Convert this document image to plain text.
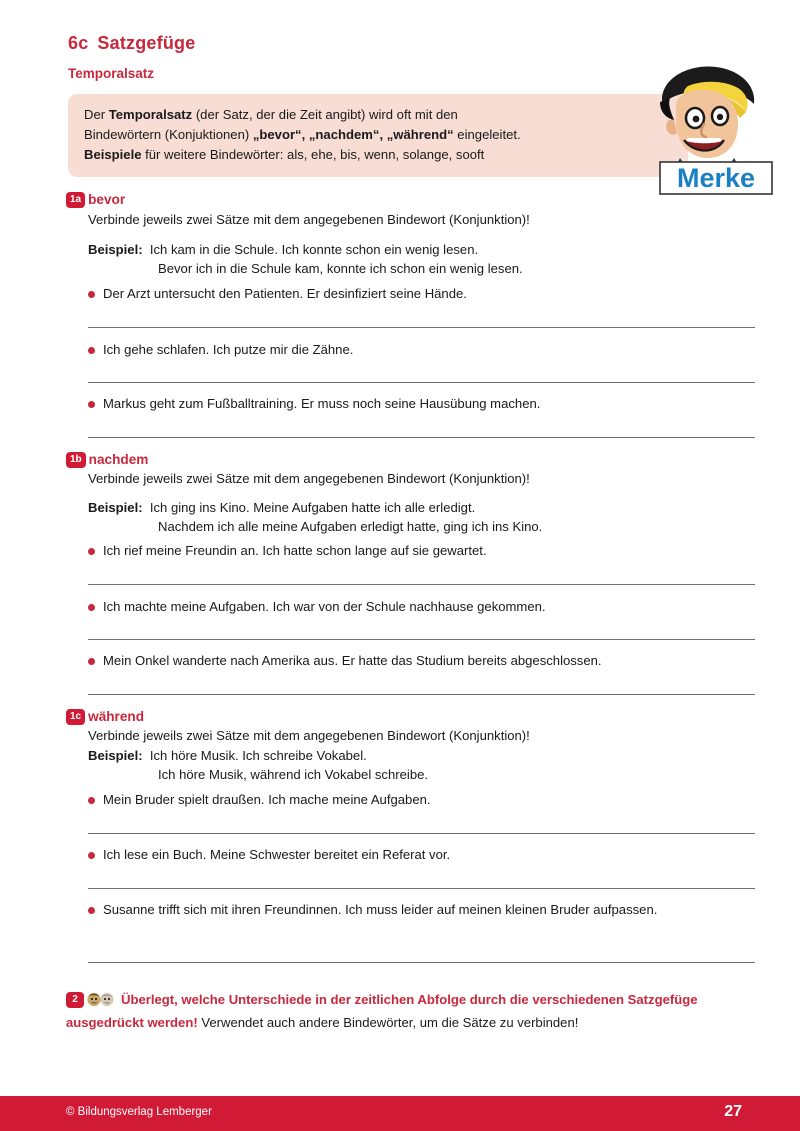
6c Satzgefüge
Temporalsatz
Der Temporalsatz (der Satz, der die Zeit angibt) wird oft mit den
Bindewörtern (Konjuktionen) „bevor“, „nachdem“, „während“ eingeleitet.
Beispiele für weitere Bindewörter: als, ehe, bis, wenn, solange, sooft
Merke
1a bevor
Verbinde jeweils zwei Sätze mit dem angegebenen Bindewort (Konjunktion)!
Beispiel: Ich kam in die Schule. Ich konnte schon ein wenig lesen.
Bevor ich in die Schule kam, konnte ich schon ein wenig lesen.
Der Arzt untersucht den Patienten. Er desinfiziert seine Hände.
Ich gehe schlafen. Ich putze mir die Zähne.
Markus geht zum Fußballtraining. Er muss noch seine Hausübung machen.
1b nachdem
Verbinde jeweils zwei Sätze mit dem angegebenen Bindewort (Konjunktion)!
Beispiel: Ich ging ins Kino. Meine Aufgaben hatte ich alle erledigt.
Nachdem ich alle meine Aufgaben erledigt hatte, ging ich ins Kino.
Ich rief meine Freundin an. Ich hatte schon lange auf sie gewartet.
Ich machte meine Aufgaben. Ich war von der Schule nachhause gekommen.
Mein Onkel wanderte nach Amerika aus. Er hatte das Studium bereits abgeschlossen.
1c während
Verbinde jeweils zwei Sätze mit dem angegebenen Bindewort (Konjunktion)!
Beispiel: Ich höre Musik. Ich schreibe Vokabel.
Ich höre Musik, während ich Vokabel schreibe.
Mein Bruder spielt draußen. Ich mache meine Aufgaben.
Ich lese ein Buch. Meine Schwester bereitet ein Referat vor.
Susanne trifft sich mit ihren Freundinnen. Ich muss leider auf meinen kleinen Bruder aufpassen.
2	Überlegt, welche Unterschiede in der zeitlichen Abfolge durch die verschiedenen Satzgefüge ausgedrückt werden! Verwendet auch andere Bindewörter, um die Sätze zu verbinden!
© Bildungsverlag Lemberger	27
